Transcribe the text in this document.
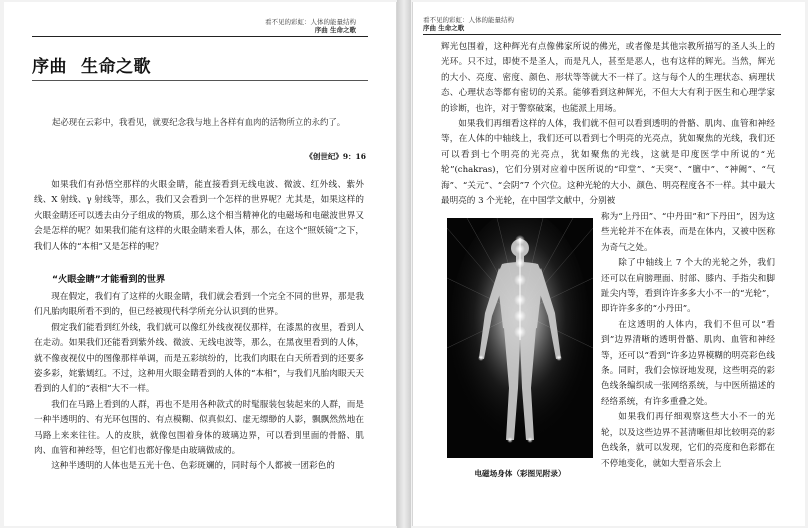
看不见的彩虹：人体的能量结构
序曲 生命之歌
序曲 生命之歌
起必现在云彩中，我看见，就要纪念我与地上各样有血肉的活物所立的永约了。
《创世纪》9：16

如果我们有孙悟空那样的火眼金睛，能直接看到无线电波、微波、红外线、紫外线、X 射线、γ 射线等，那么，我们又会看到一个怎样的世界呢？尤其是，如果这样的火眼金睛还可以透去由分子组成的物质，那么这个相当精神化的电磁场和电磁波世界又会是怎样的呢？如果我们能有这样的火眼金睛来看人体，那么，在这个“照妖镜”之下，我们人体的“本相”又是怎样的呢？

“火眼金睛”才能看到的世界

现在假定，我们有了这样的火眼金睛，我们就会看到一个完全不同的世界，那是我们凡胎肉眼所看不到的，但已经被现代科学所充分认识到的世界。

假定我们能看到红外线，我们就可以像红外线夜视仪那样，在漆黑的夜里，看到人在走动。如果我们还能看到紫外线、微波、无线电波等，那么，在黑夜里看到的人体，就不像夜视仪中的图像那样单调，而是五彩缤纷的，比我们肉眼在白天所看到的还要多姿多彩，姹紫嫣红。不过，这种用火眼金睛看到的人体的“本相”，与我们凡胎肉眼天天看到的人们的“表相”大不一样。

我们在马路上看到的人群，再也不是用各种款式的时髦服装包装起来的人群，而是一种半透明的、有光环包围的、有点模糊、似真似幻、虚无缥缈的人影，飘飘然然地在马路上来来往往。人的皮肤，就像包围着身体的玻璃边界，可以看到里面的骨骼、肌肉、血管和神经等，但它们也都好像是由玻璃做成的。

这种半透明的人体也是五光十色、色彩斑斓的，同时每个人都被一团彩色的

看不见的彩虹：人体的能量结构
序曲 生命之歌

辉光包围着，这种辉光有点像佛家所说的佛光，或者像是其他宗教所描写的圣人头上的光环。只不过，即使不是圣人，而是凡人，甚至是恶人，也有这样的辉光。当然，辉光的大小、亮度、密度、颜色、形状等等就大不一样了。这与每个人的生理状态、病理状态、心理状态等都有密切的关系。能够看到这种辉光，不但大大有利于医生和心理学家的诊断，也许，对于警察破案，也能派上用场。

如果我们再细看这样的人体，我们就不但可以看到透明的骨骼、肌肉、血管和神经等，在人体的中轴线上，我们还可以看到七个明亮的光亮点，犹如聚焦的光线，我们还可以看到七个明亮的光亮点，犹如聚焦的光线，这就是印度医学中所说的“光轮”(chakras)，它们分别对应着中医所说的“印堂”、“天突”、“膻中”、“神阙”、“气海”、“关元”、“会阴”7 个穴位。这种光轮的大小、颜色、明亮程度各不一样。其中最大最明亮的 3 个光轮，在中国学文献中，分别被

电磁场身体（彩图见附录）

称为“上丹田”、“中丹田”和“下丹田”，因为这些光轮并不在体表，而是在体内，又被中医称为奇气之处。

除了中轴线上 7 个大的光轮之外，我们还可以在肩膀理面、肘部、膝内、手指尖和脚趾尖内等，看到许许多多大小不一的“光轮”，即许许多多的“小丹田”。

在这透明的人体内，我们不但可以“看到”边界清晰的透明骨骼、肌肉、血管和神经等，还可以“看到”许多边界模糊的明亮彩色线条。同时，我们会惊讶地发现，这些明亮的彩色线条编织成一张网络系统，与中医所描述的经络系统，有许多重叠之处。

如果我们再仔细观察这些大小不一的光轮，以及这些边界不甚清晰但却比较明亮的彩色线条，就可以发现，它们的亮度和色彩都在不停地变化，就如大型音乐会上
